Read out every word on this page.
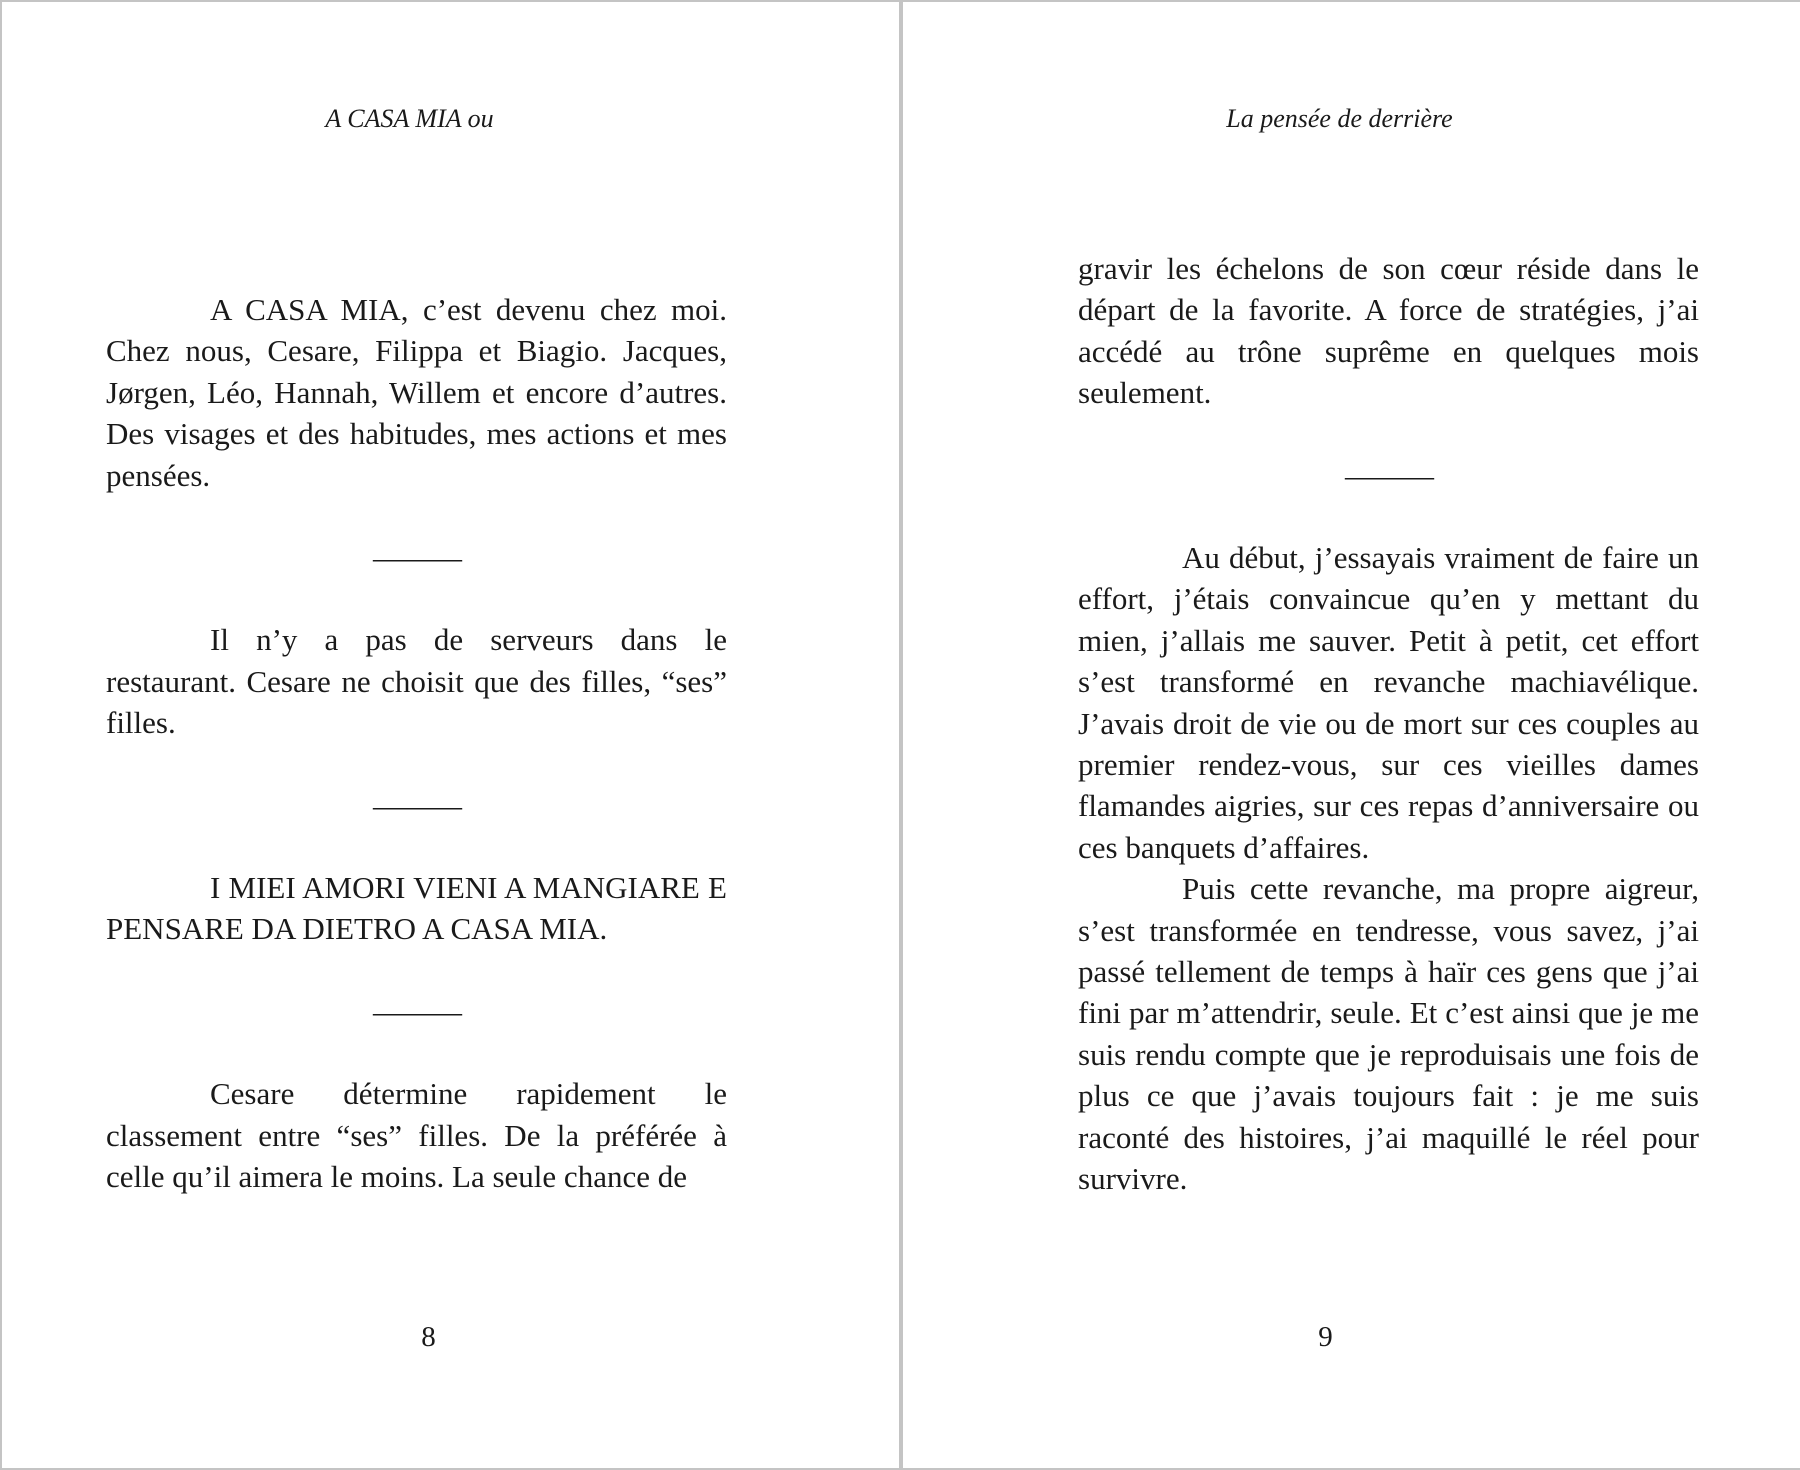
A CASA MIA ou

A CASA MIA, c’est devenu chez moi. Chez nous, Cesare, Filippa et Biagio. Jacques, Jørgen, Léo, Hannah, Willem et encore d’autres. Des visages et des habitudes, mes actions et mes pensées.

———

Il n’y a pas de serveurs dans le restaurant. Cesare ne choisit que des filles, “ses” filles.

———

I MIEI AMORI VIENI A MANGIARE E PENSARE DA DIETRO A CASA MIA.

———

Cesare détermine rapidement le classement entre “ses” filles. De la préférée à celle qu’il aimera le moins. La seule chance de

8
La pensée de derrière

gravir les échelons de son cœur réside dans le départ de la favorite. A force de stratégies, j’ai accédé au trône suprême en quelques mois seulement.

———

Au début, j’essayais vraiment de faire un effort, j’étais convaincue qu’en y mettant du mien, j’allais me sauver. Petit à petit, cet effort s’est transformé en revanche machiavélique. J’avais droit de vie ou de mort sur ces couples au premier rendez-vous, sur ces vieilles dames flamandes aigries, sur ces repas d’anniversaire ou ces banquets d’affaires.

Puis cette revanche, ma propre aigreur, s’est transformée en tendresse, vous savez, j’ai passé tellement de temps à haïr ces gens que j’ai fini par m’attendrir, seule. Et c’est ainsi que je me suis rendu compte que je reproduisais une fois de plus ce que j’avais toujours fait : je me suis raconté des histoires, j’ai maquillé le réel pour survivre.

9
